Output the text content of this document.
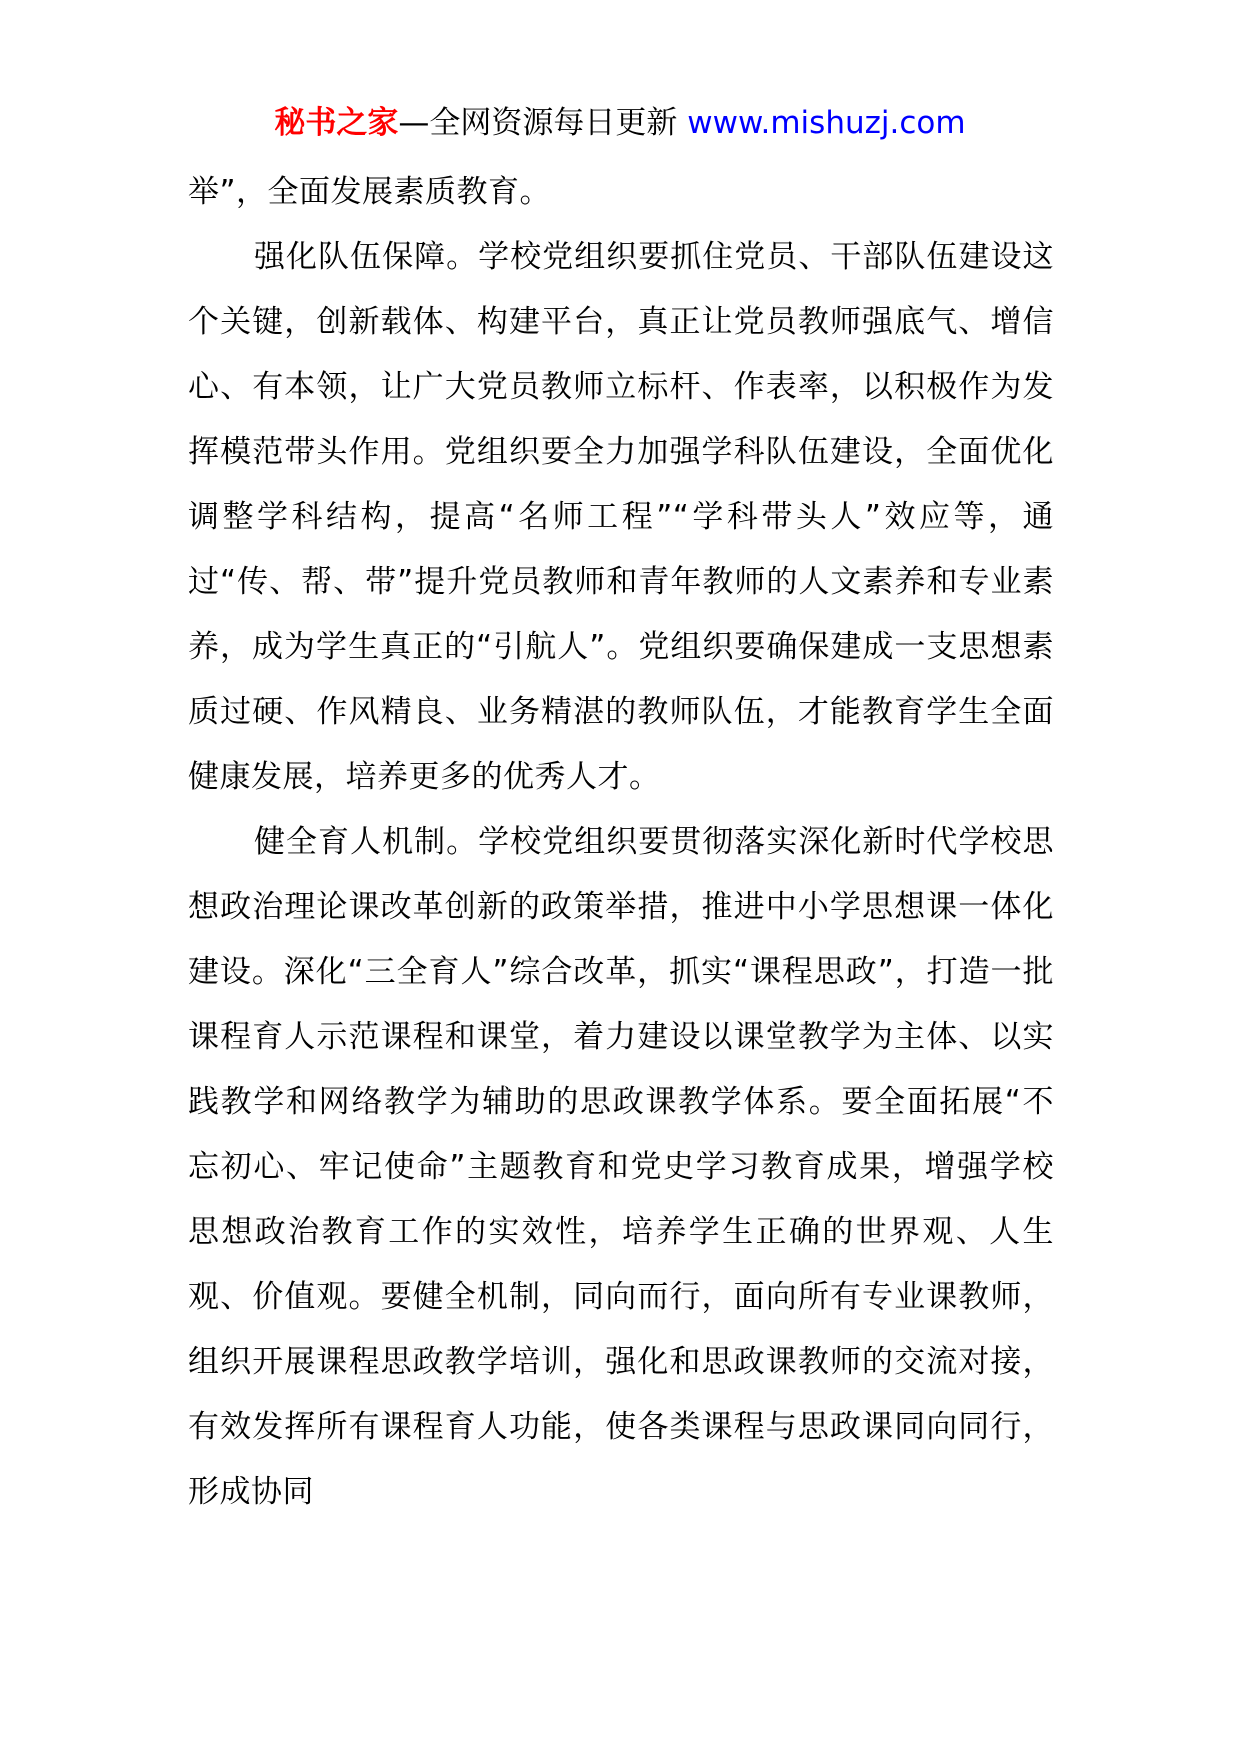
秘书之家—全网资源每日更新 www.mishuzj.com

举”，全面发展素质教育。

强化队伍保障。学校党组织要抓住党员、干部队伍建设这个关键，创新载体、构建平台，真正让党员教师强底气、增信心、有本领，让广大党员教师立标杆、作表率，以积极作为发挥模范带头作用。党组织要全力加强学科队伍建设，全面优化调整学科结构，提高“名师工程”“学科带头人”效应等，通过“传、帮、带”提升党员教师和青年教师的人文素养和专业素养，成为学生真正的“引航人”。党组织要确保建成一支思想素质过硬、作风精良、业务精湛的教师队伍，才能教育学生全面健康发展，培养更多的优秀人才。

健全育人机制。学校党组织要贯彻落实深化新时代学校思想政治理论课改革创新的政策举措，推进中小学思想课一体化建设。深化“三全育人”综合改革，抓实“课程思政”，打造一批课程育人示范课程和课堂，着力建设以课堂教学为主体、以实践教学和网络教学为辅助的思政课教学体系。要全面拓展“不忘初心、牢记使命”主题教育和党史学习教育成果，增强学校思想政治教育工作的实效性，培养学生正确的世界观、人生观、价值观。要健全机制，同向而行，面向所有专业课教师，组织开展课程思政教学培训，强化和思政课教师的交流对接，有效发挥所有课程育人功能，使各类课程与思政课同向同行，形成协同
